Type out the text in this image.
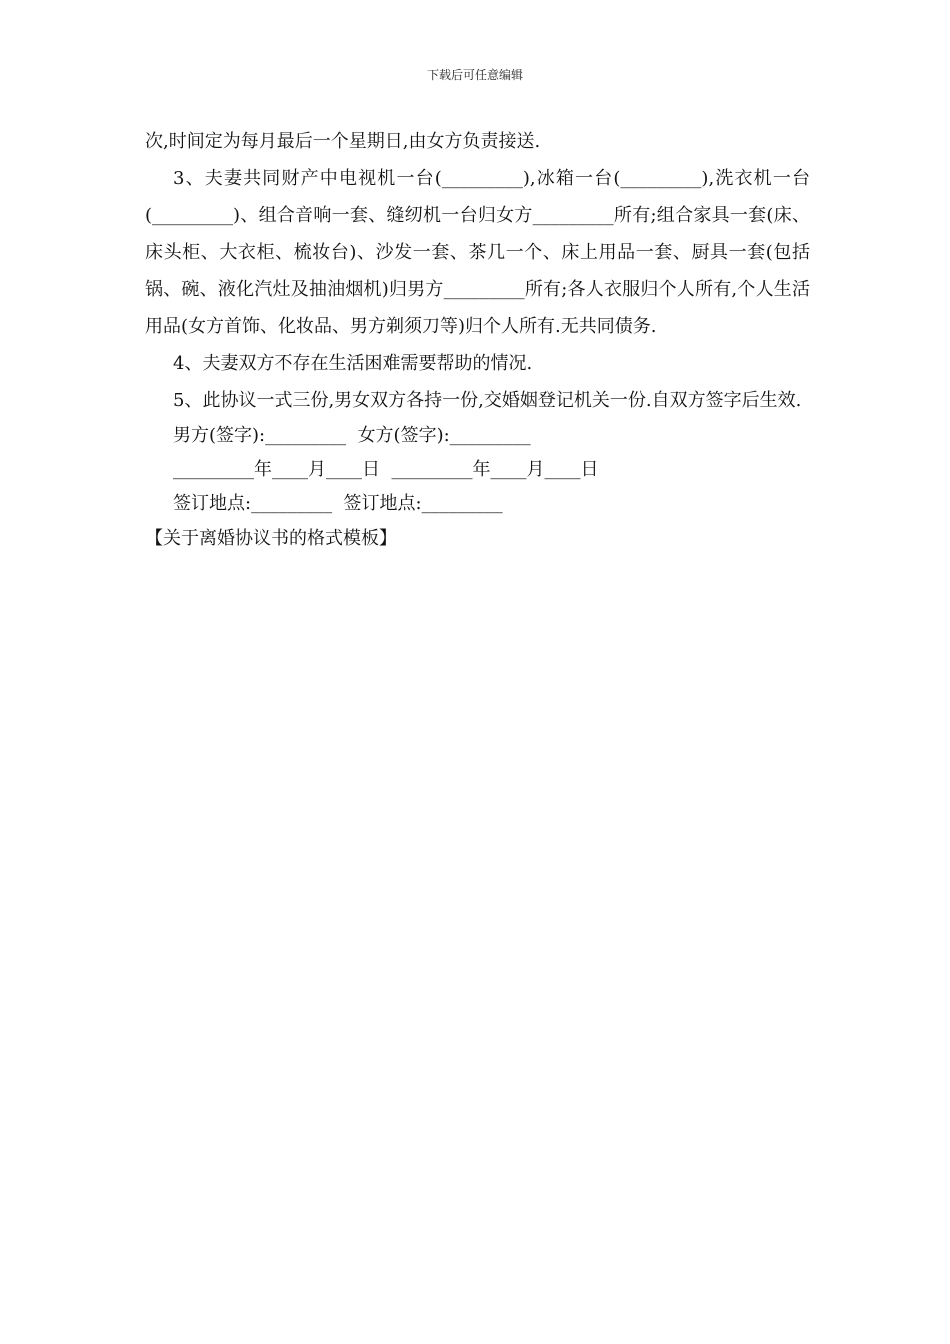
下载后可任意编辑

次,时间定为每月最后一个星期日,由女方负责接送.

3、夫妻共同财产中电视机一台(_________),冰箱一台(_________),洗衣机一台(_________)、组合音响一套、缝纫机一台归女方_________所有;组合家具一套(床、床头柜、大衣柜、梳妆台)、沙发一套、茶几一个、床上用品一套、厨具一套(包括锅、碗、液化汽灶及抽油烟机)归男方_________所有;各人衣服归个人所有,个人生活用品(女方首饰、化妆品、男方剃须刀等)归个人所有.无共同债务.

4、夫妻双方不存在生活困难需要帮助的情况.

5、此协议一式三份,男女双方各持一份,交婚姻登记机关一份.自双方签字后生效.

男方(签字):_________  女方(签字):_________

_________年____月____日  _________年____月____日

签订地点:_________  签订地点:_________

【关于离婚协议书的格式模板】
